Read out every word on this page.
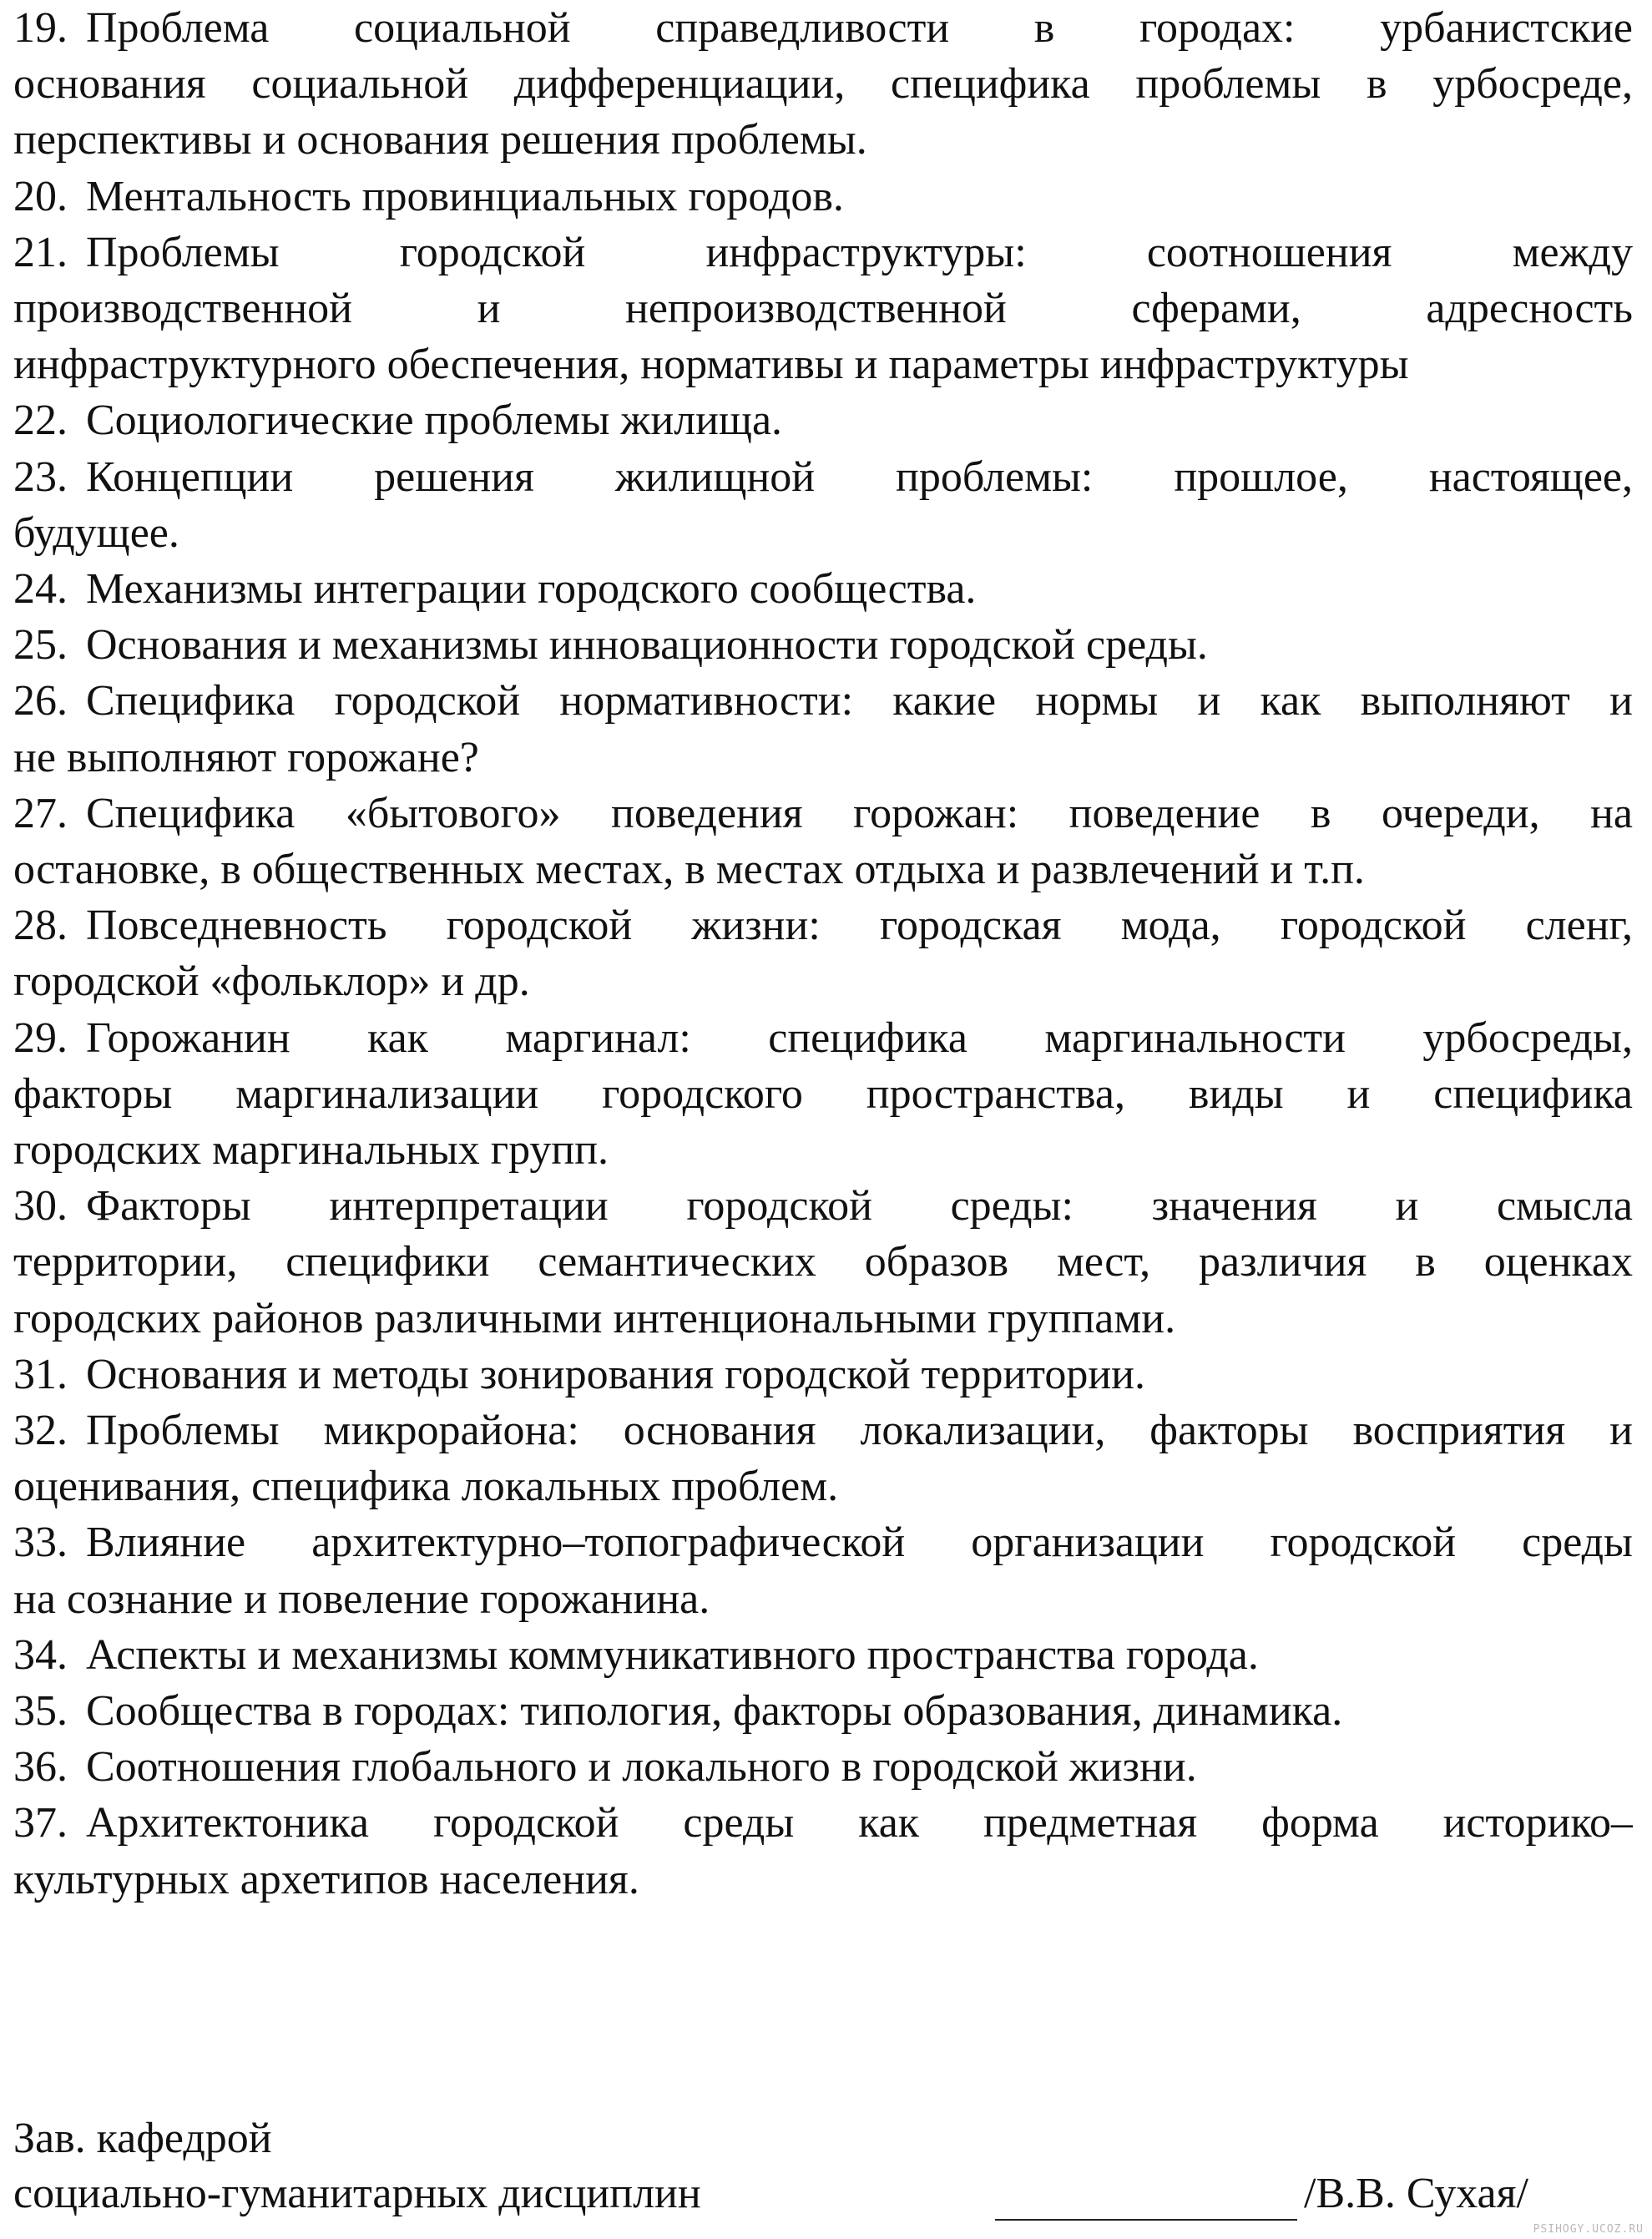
19. Проблема социальной справедливости в городах: урбанистские
основания социальной дифференциации, специфика проблемы в урбосреде,
перспективы и основания решения проблемы.
20. Ментальность провинциальных городов.
21. Проблемы городской инфраструктуры: соотношения между
производственной и непроизводственной сферами, адресность
инфраструктурного обеспечения, нормативы и параметры инфраструктуры
22. Социологические проблемы жилища.
23. Концепции решения жилищной проблемы: прошлое, настоящее,
будущее.
24. Механизмы интеграции городского сообщества.
25. Основания и механизмы инновационности городской среды.
26. Специфика городской нормативности: какие нормы и как выполняют и
не выполняют горожане?
27. Специфика «бытового» поведения горожан: поведение в очереди, на
остановке, в общественных местах, в местах отдыха и развлечений и т.п.
28. Повседневность городской жизни: городская мода, городской сленг,
городской «фольклор» и др.
29. Горожанин как маргинал: специфика маргинальности урбосреды,
факторы маргинализации городского пространства, виды и специфика
городских маргинальных групп.
30. Факторы интерпретации городской среды: значения и смысла
территории, специфики семантических образов мест, различия в оценках
городских районов различными интенциональными группами.
31. Основания и методы зонирования городской территории.
32. Проблемы микрорайона: основания локализации, факторы восприятия и
оценивания, специфика локальных проблем.
33. Влияние архитектурно–топографической организации городской среды
на сознание и повеление горожанина.
34. Аспекты и механизмы коммуникативного пространства города.
35. Сообщества в городах: типология, факторы образования, динамика.
36. Соотношения глобального и локального в городской жизни.
37. Архитектоника городской среды как предметная форма историко–
культурных архетипов населения.
Зав. кафедрой
социально-гуманитарных дисциплин	/В.В. Сухая/
PSIHOGY.UCOZ.RU
